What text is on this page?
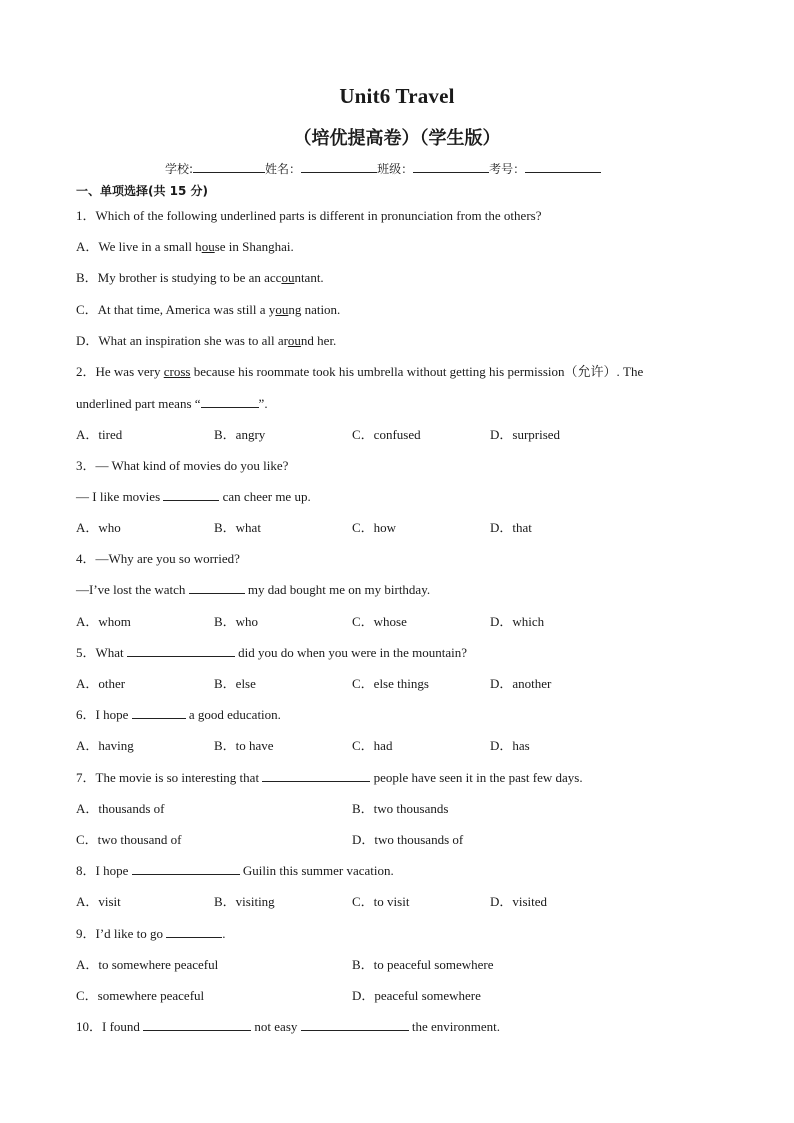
Unit6 Travel
（培优提高卷）（学生版）
学校:	姓名：	班级：	考号：
一、单项选择(共 15 分)
1．Which of the following underlined parts is different in pronunciation from the others?
A．We live in a small house in Shanghai.
B．My brother is studying to be an accountant.
C．At that time, America was still a young nation.
D．What an inspiration she was to all around her.
2．He was very cross because his roommate took his umbrella without getting his permission（允许）. The
underlined part means “	”.
A．tired	B．angry	C．confused	D．surprised
3．— What kind of movies do you like?
— I like movies	can cheer me up.
A．who	B．what	C．how	D．that
4．—Why are you so worried?
—I’ve lost the watch	my dad bought me on my birthday.
A．whom	B．who	C．whose	D．which
5．What	did you do when you were in the mountain?
A．other	B．else	C．else things	D．another
6．I hope	a good education.
A．having	B．to have	C．had	D．has
7．The movie is so interesting that	people have seen it in the past few days.
A．thousands of	B．two thousands
C．two thousand of	D．two thousands of
8．I hope	Guilin this summer vacation.
A．visit	B．visiting	C．to visit	D．visited
9．I’d like to go	.
A．to somewhere peaceful	B．to peaceful somewhere
C．somewhere peaceful	D．peaceful somewhere
10．I found	not easy	the environment.
